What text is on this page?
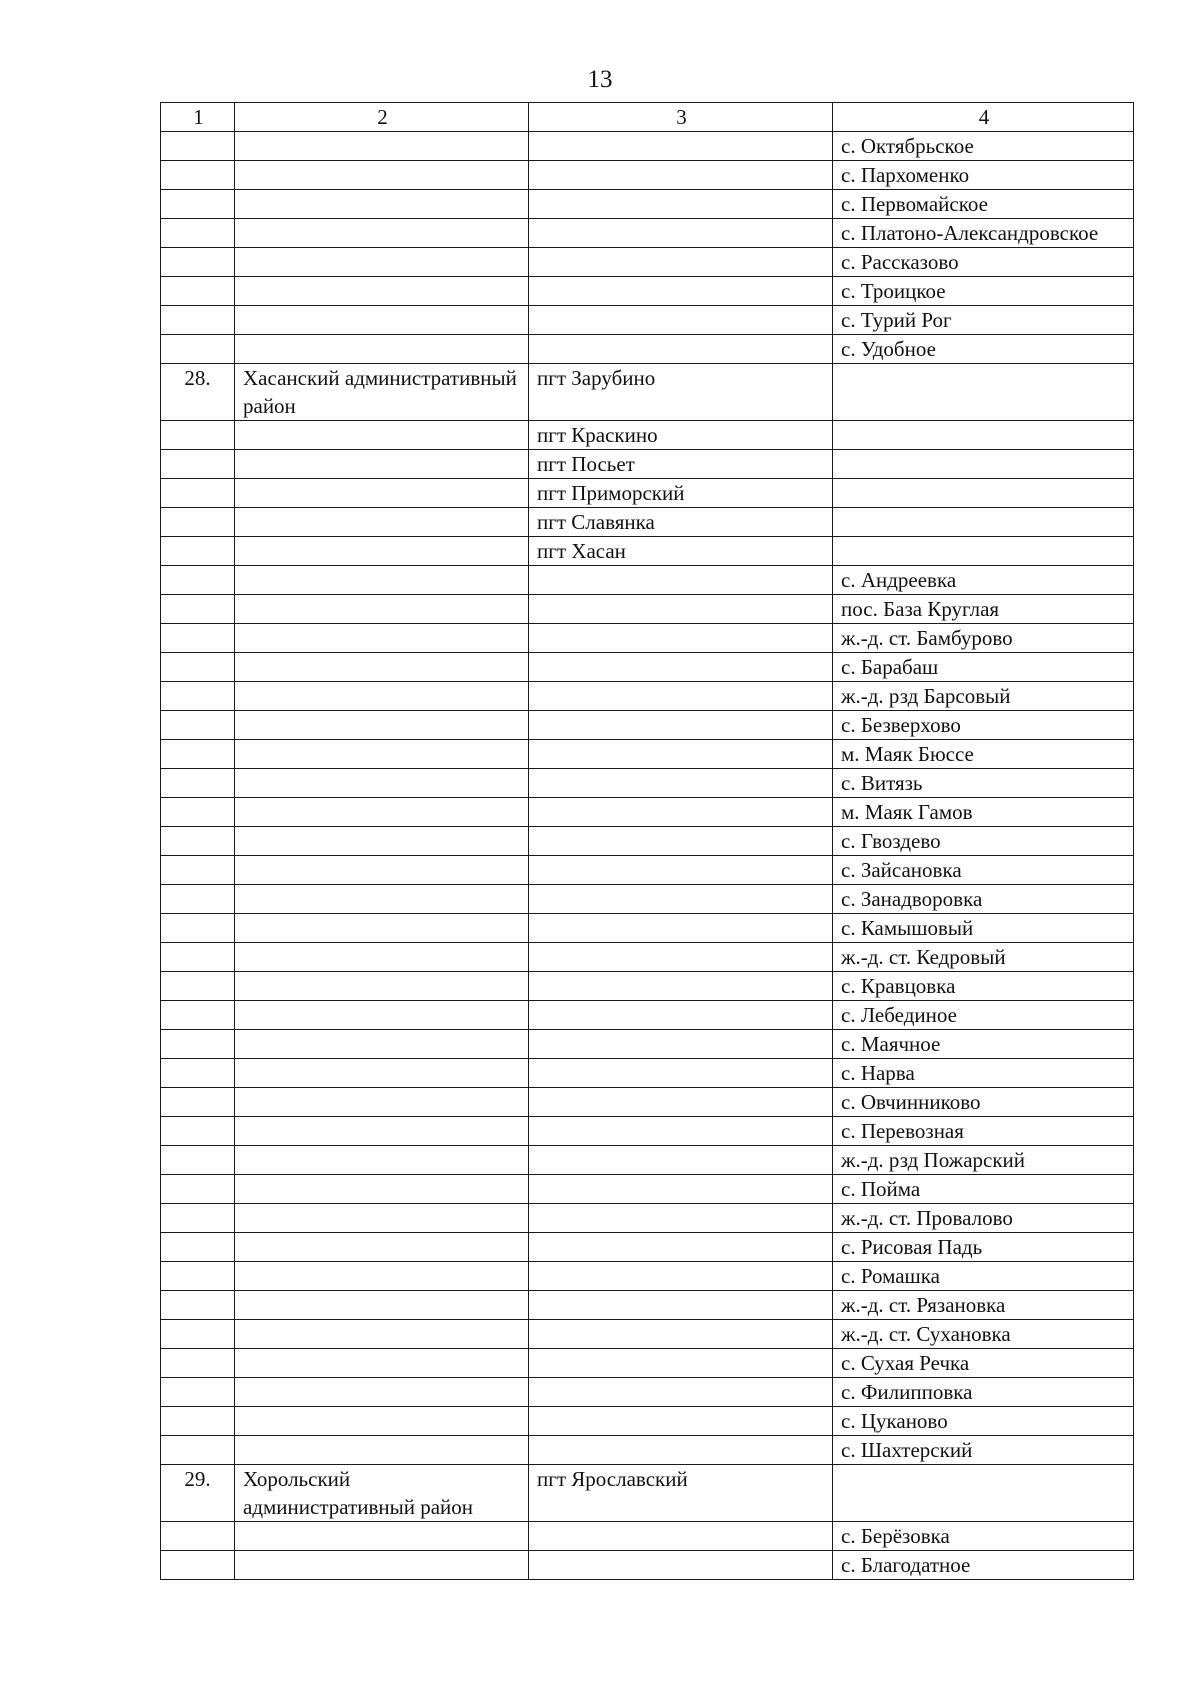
13
1	2	3	4
			с. Октябрьское
			с. Пархоменко
			с. Первомайское
			с. Платоно-Александровское
			с. Рассказово
			с. Троицкое
			с. Турий Рог
			с. Удобное
28.	Хасанский административный район	пгт Зарубино	
		пгт Краскино	
		пгт Посьет	
		пгт Приморский	
		пгт Славянка	
		пгт Хасан	
			с. Андреевка
			пос. База Круглая
			ж.-д. ст. Бамбурово
			с. Барабаш
			ж.-д. рзд Барсовый
			с. Безверхово
			м. Маяк Бюссе
			с. Витязь
			м. Маяк Гамов
			с. Гвоздево
			с. Зайсановка
			с. Занадворовка
			с. Камышовый
			ж.-д. ст. Кедровый
			с. Кравцовка
			с. Лебединое
			с. Маячное
			с. Нарва
			с. Овчинниково
			с. Перевозная
			ж.-д. рзд Пожарский
			с. Пойма
			ж.-д. ст. Провалово
			с. Рисовая Падь
			с. Ромашка
			ж.-д. ст. Рязановка
			ж.-д. ст. Сухановка
			с. Сухая Речка
			с. Филипповка
			с. Цуканово
			с. Шахтерский
29.	Хорольский административный район	пгт Ярославский	
			с. Берёзовка
			с. Благодатное
